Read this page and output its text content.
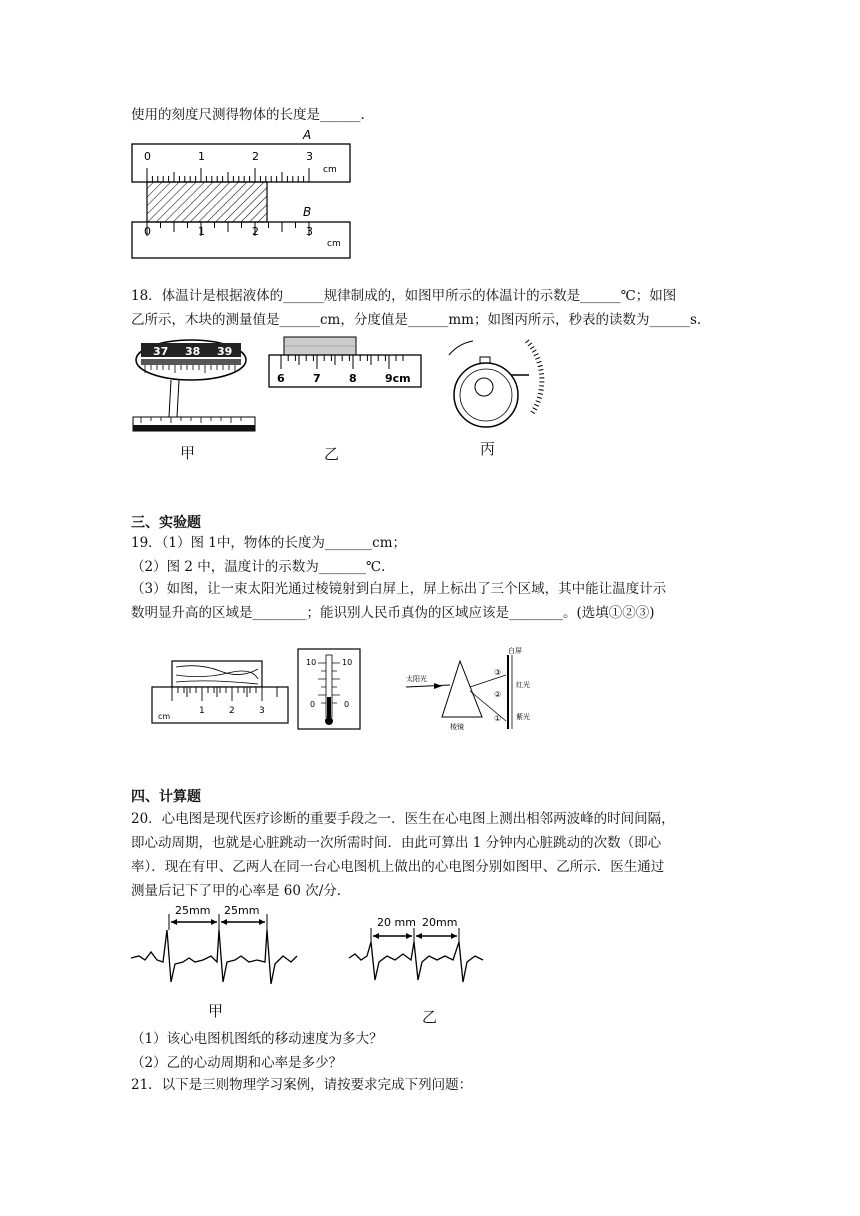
使用的刻度尺测得物体的长度是______.
A
0	1	2	3
cm
B
0	1	2	3
cm
18．体温计是根据液体的______规律制成的，如图甲所示的体温计的示数是______℃；如图
乙所示，木块的测量值是______cm，分度值是______mm；如图丙所示，秒表的读数为______s.
37 38 39
6	7	8	9cm
甲	乙	丙
三、实验题
19．（1）图 1中，物体的长度为_______cm；
（2）图 2 中，温度计的示数为_______℃.
（3）如图，让一束太阳光通过棱镜射到白屏上，屏上标出了三个区域，其中能让温度计示
数明显升高的区域是________；能识别人民币真伪的区域应该是________。(选填①②③)
cm
1	2	3
10	10
0	0
太阳光
白屏
棱镜
红光
紫光
③
②
①
四、计算题
20．心电图是现代医疗诊断的重要手段之一．医生在心电图上测出相邻两波峰的时间间隔，
即心动周期，也就是心脏跳动一次所需时间．由此可算出 1 分钟内心脏跳动的次数（即心
率）．现在有甲、乙两人在同一台心电图机上做出的心电图分别如图甲、乙所示．医生通过
测量后记下了甲的心率是 60 次/分.
25mm 25mm
20 mm 20mm
甲	乙
（1）该心电图机图纸的移动速度为多大？
（2）乙的心动周期和心率是多少？
21．以下是三则物理学习案例，请按要求完成下列问题：
